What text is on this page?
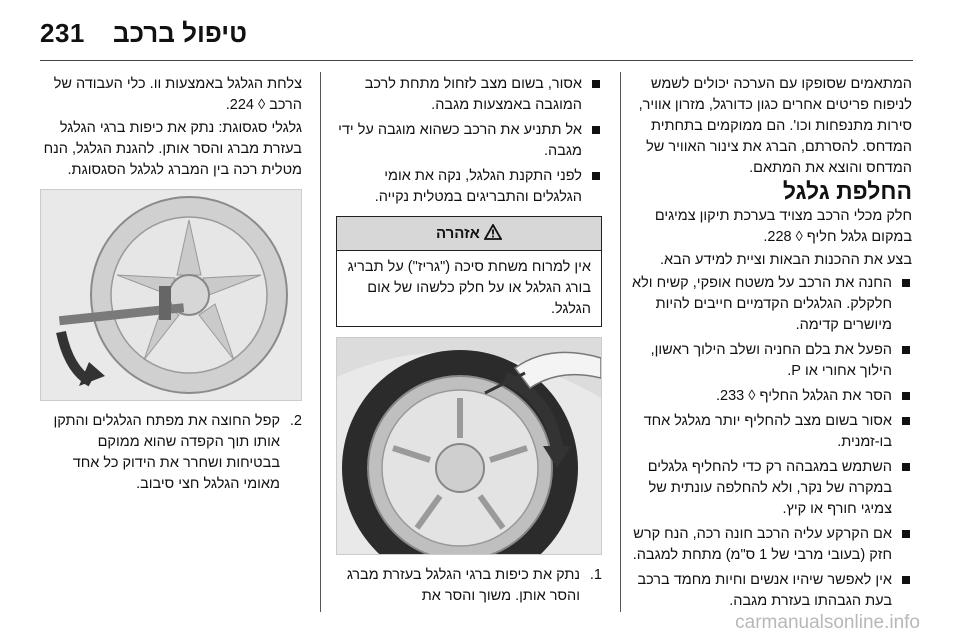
231 טיפול ברכב

המתאמים שסופקו עם הערכה יכולים לשמש לניפוח פריטים אחרים כגון כדורגל, מזרון אוויר, סירות מתנפחות וכו'. הם ממוקמים בתחתית המדחס. להסרתם, הברג את צינור האוויר של המדחס והוצא את המתאם.

החלפת גלגל

חלק מכלי הרכב מצויד בערכת תיקון צמיגים במקום גלגל חליף ◊ 228.

בצע את ההכנות הבאות וציית למידע הבא.

החנה את הרכב על משטח אופקי, קשיח ולא חלקלק. הגלגלים הקדמיים חייבים להיות מיושרים קדימה.
הפעל את בלם החניה ושלב הילוך ראשון, הילוך אחורי או P.
הסר את הגלגל החליף ◊ 233.
אסור בשום מצב להחליף יותר מגלגל אחד בו-זמנית.
השתמש במגבהה רק כדי להחליף גלגלים במקרה של נקר, ולא להחלפה עונתית של צמיגי חורף או קיץ.
אם הקרקע עליה הרכב חונה רכה, הנח קרש חזק (בעובי מרבי של 1 ס"מ) מתחת למגבה.
אין לאפשר שיהיו אנשים וחיות מחמד ברכב בעת הגבהתו בעזרת מגבה.
אסור, בשום מצב לזחול מתחת לרכב המוגבה באמצעות מגבה.
אל תתניע את הרכב כשהוא מוגבה על ידי מגבה.
לפני התקנת הגלגל, נקה את אומי הגלגלים והתבריגים במטלית נקייה.
אזהרה
אין למרוח משחת סיכה ("גריז") על תבריג בורג הגלגל או על חלק כלשהו של אום הגלגל.
1.
נתק את כיפות ברגי הגלגל בעזרת מברג והסר אותן. משוך והסר את

צלחת הגלגל באמצעות וו. כלי העבודה של הרכב ◊ 224.

גלגלי סגסוגת: נתק את כיפות ברגי הגלגל בעזרת מברג והסר אותן. להגנת הגלגל, הנח מטלית רכה בין המברג לגלגל הסגסוגת.

2.
קפל החוצה את מפתח הגלגלים והתקן אותו תוך הקפדה שהוא ממוקם בבטיחות ושחרר את הידוק כל אחד מאומי הגלגל חצי סיבוב.
carmanualsonline.info
